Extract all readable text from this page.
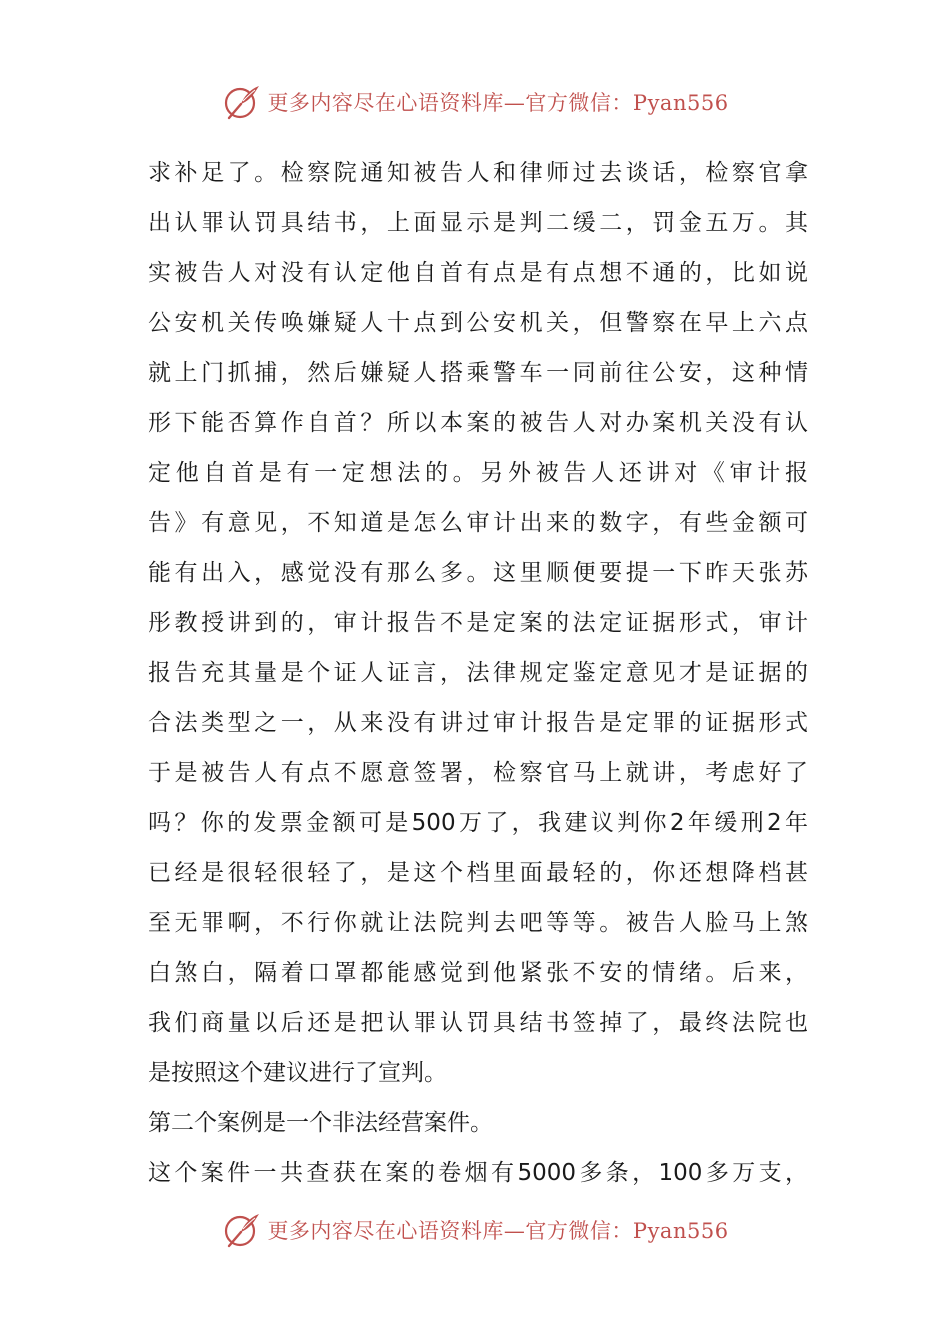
更多内容尽在心语资料库—官方微信：Pyan556
求补足了。检察院通知被告人和律师过去谈话，检察官拿
出认罪认罚具结书，上面显示是判二缓二，罚金五万。其
实被告人对没有认定他自首有点是有点想不通的，比如说
公安机关传唤嫌疑人十点到公安机关，但警察在早上六点
就上门抓捕，然后嫌疑人搭乘警车一同前往公安，这种情
形下能否算作自首？所以本案的被告人对办案机关没有认
定他自首是有一定想法的。另外被告人还讲对《审计报
告》有意见，不知道是怎么审计出来的数字，有些金额可
能有出入，感觉没有那么多。这里顺便要提一下昨天张苏
彤教授讲到的，审计报告不是定案的法定证据形式，审计
报告充其量是个证人证言，法律规定鉴定意见才是证据的
合法类型之一，从来没有讲过审计报告是定罪的证据形式
于是被告人有点不愿意签署，检察官马上就讲，考虑好了
吗？你的发票金额可是500万了，我建议判你2年缓刑2年
已经是很轻很轻了，是这个档里面最轻的，你还想降档甚
至无罪啊，不行你就让法院判去吧等等。被告人脸马上煞
白煞白，隔着口罩都能感觉到他紧张不安的情绪。后来，
我们商量以后还是把认罪认罚具结书签掉了，最终法院也
是按照这个建议进行了宣判。
第二个案例是一个非法经营案件。
这个案件一共查获在案的卷烟有5000多条，100多万支，
更多内容尽在心语资料库—官方微信：Pyan556
